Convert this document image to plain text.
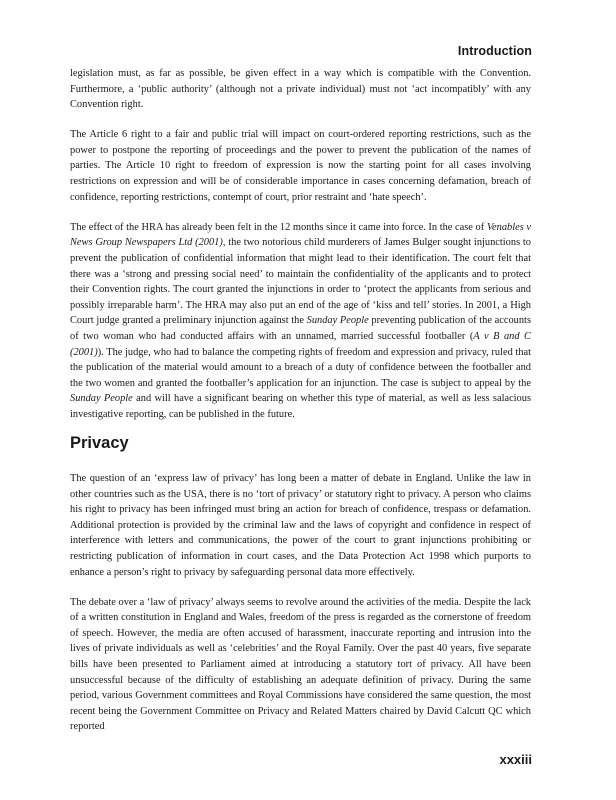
Introduction

legislation must, as far as possible, be given effect in a way which is compatible with the Convention. Furthermore, a ‘public authority’ (although not a private individual) must not ‘act incompatibly’ with any Convention right.

The Article 6 right to a fair and public trial will impact on court-ordered reporting restrictions, such as the power to postpone the reporting of proceedings and the power to prevent the publication of the names of parties. The Article 10 right to freedom of expression is now the starting point for all cases involving restrictions on expression and will be of considerable importance in cases concerning defamation, breach of confidence, reporting restrictions, contempt of court, prior restraint and ‘hate speech’.

The effect of the HRA has already been felt in the 12 months since it came into force. In the case of Venables v News Group Newspapers Ltd (2001), the two notorious child murderers of James Bulger sought injunctions to prevent the publication of confidential information that might lead to their identification. The court felt that there was a ‘strong and pressing social need’ to maintain the confidentiality of the applicants and to protect their Convention rights. The court granted the injunctions in order to ‘protect the applicants from serious and possibly irreparable harm’. The HRA may also put an end of the age of ‘kiss and tell’ stories. In 2001, a High Court judge granted a preliminary injunction against the Sunday People preventing publication of the accounts of two woman who had conducted affairs with an unnamed, married successful footballer (A v B and C (2001)). The judge, who had to balance the competing rights of freedom and expression and privacy, ruled that the publication of the material would amount to a breach of a duty of confidence between the footballer and the two women and granted the footballer’s application for an injunction. The case is subject to appeal by the Sunday People and will have a significant bearing on whether this type of material, as well as less salacious investigative reporting, can be published in the future.

Privacy

The question of an ‘express law of privacy’ has long been a matter of debate in England. Unlike the law in other countries such as the USA, there is no ‘tort of privacy’ or statutory right to privacy. A person who claims his right to privacy has been infringed must bring an action for breach of confidence, trespass or defamation. Additional protection is provided by the criminal law and the laws of copyright and confidence in respect of interference with letters and communications, the power of the court to grant injunctions prohibiting or restricting publication of information in court cases, and the Data Protection Act 1998 which purports to enhance a person’s right to privacy by safeguarding personal data more effectively.

The debate over a ‘law of privacy’ always seems to revolve around the activities of the media. Despite the lack of a written constitution in England and Wales, freedom of the press is regarded as the cornerstone of freedom of speech. However, the media are often accused of harassment, inaccurate reporting and intrusion into the lives of private individuals as well as ‘celebrities’ and the Royal Family. Over the past 40 years, five separate bills have been presented to Parliament aimed at introducing a statutory tort of privacy. All have been unsuccessful because of the difficulty of establishing an adequate definition of privacy. During the same period, various Government committees and Royal Commissions have considered the same question, the most recent being the Government Committee on Privacy and Related Matters chaired by David Calcutt QC which reported

xxxiii
